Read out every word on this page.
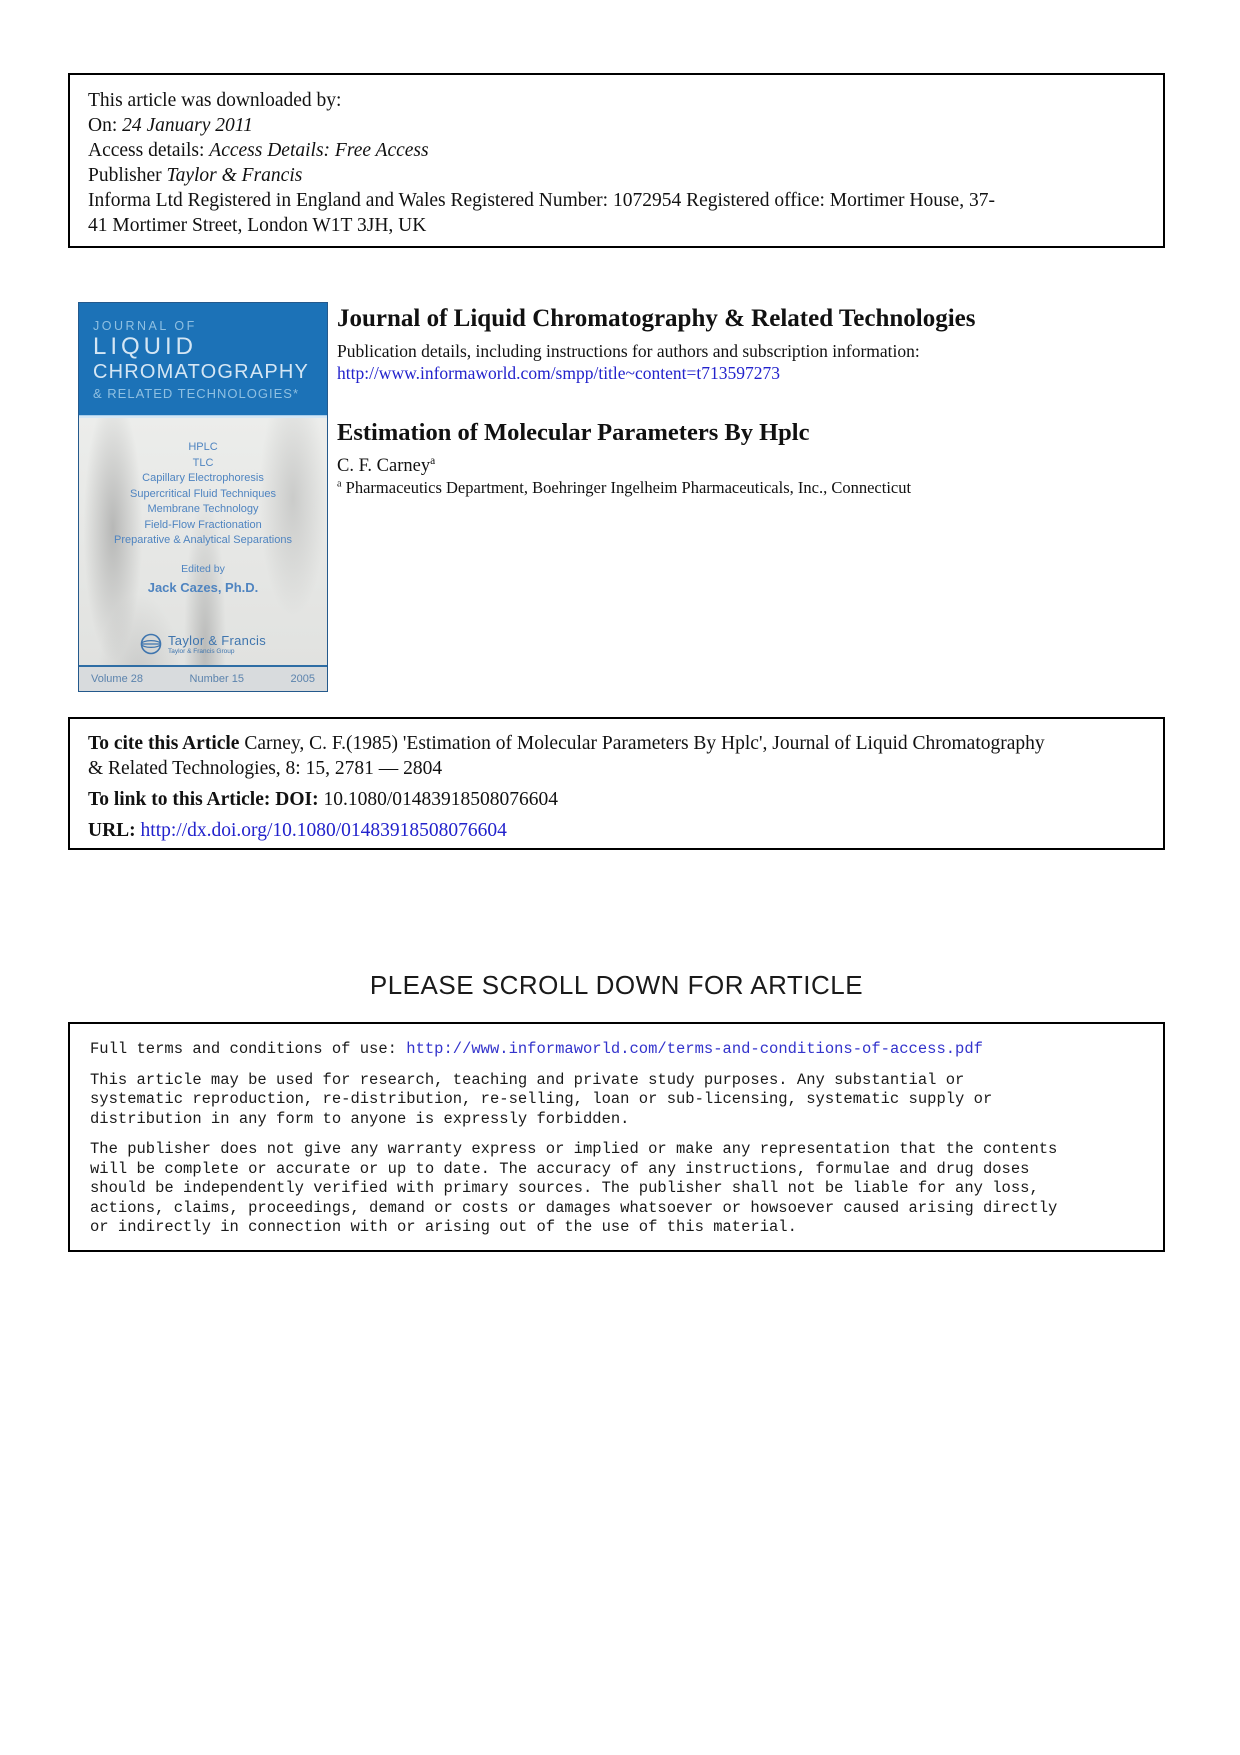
This article was downloaded by:
On: 24 January 2011
Access details: Access Details: Free Access
Publisher Taylor & Francis
Informa Ltd Registered in England and Wales Registered Number: 1072954 Registered office: Mortimer House, 37-
41 Mortimer Street, London W1T 3JH, UK
JOURNAL OF
LIQUID
CHROMATOGRAPHY
& RELATED TECHNOLOGIES*
HPLC
TLC
Capillary Electrophoresis
Supercritical Fluid Techniques
Membrane Technology
Field-Flow Fractionation
Preparative & Analytical Separations
Edited by
Jack Cazes, Ph.D.
Taylor & Francis
Taylor & Francis Group
Volume 28	Number 15	2005
Journal of Liquid Chromatography & Related Technologies
Publication details, including instructions for authors and subscription information:
http://www.informaworld.com/smpp/title~content=t713597273
Estimation of Molecular Parameters By Hplc
C. F. Carney$^a$
$^a$ Pharmaceutics Department, Boehringer Ingelheim Pharmaceuticals, Inc., Connecticut
To cite this Article Carney, C. F.(1985) 'Estimation of Molecular Parameters By Hplc', Journal of Liquid Chromatography
& Related Technologies, 8: 15, 2781 — 2804
To link to this Article: DOI: 10.1080/01483918508076604
URL: http://dx.doi.org/10.1080/01483918508076604
PLEASE SCROLL DOWN FOR ARTICLE
Full terms and conditions of use: http://www.informaworld.com/terms-and-conditions-of-access.pdf
This article may be used for research, teaching and private study purposes. Any substantial or
systematic reproduction, re-distribution, re-selling, loan or sub-licensing, systematic supply or
distribution in any form to anyone is expressly forbidden.
The publisher does not give any warranty express or implied or make any representation that the contents
will be complete or accurate or up to date. The accuracy of any instructions, formulae and drug doses
should be independently verified with primary sources. The publisher shall not be liable for any loss,
actions, claims, proceedings, demand or costs or damages whatsoever or howsoever caused arising directly
or indirectly in connection with or arising out of the use of this material.
